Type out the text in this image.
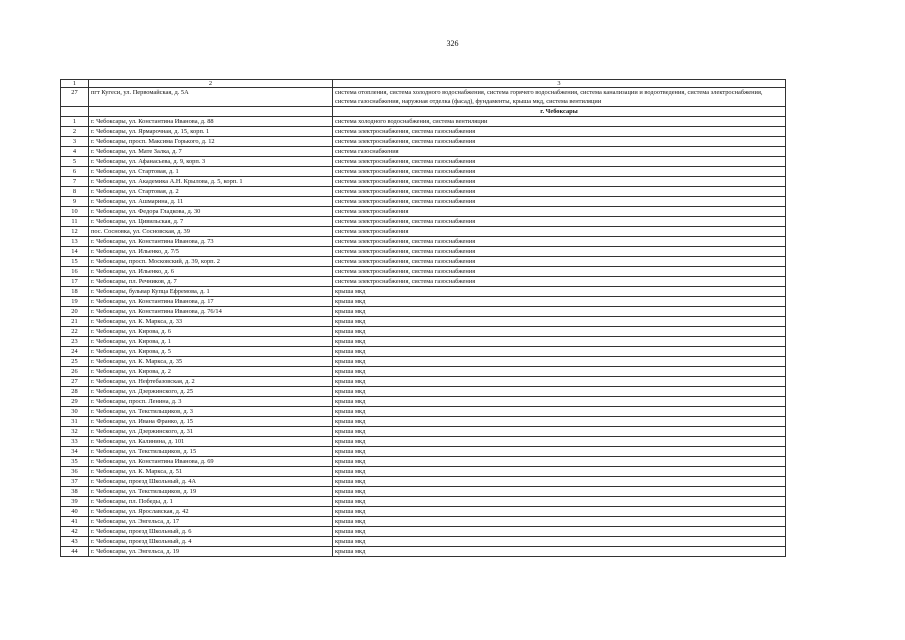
326
1	2	3
27	пгт Кугеси, ул. Первомайская, д. 5А	система отопления, система холодного водоснабжения, система горячего водоснабжения, система канализации и водоотведения, система электроснабжения, система газоснабжения, наружная отделка (фасад), фундаменты, крыша мкд, система вентиляции
		г. Чебоксары
1	г. Чебоксары, ул. Константина Иванова, д. 88	система холодного водоснабжения, система вентиляции
2	г. Чебоксары, ул. Ярмарочная, д. 15, корп. 1	система электроснабжения, система газоснабжения
3	г. Чебоксары, просп. Максима Горького, д. 12	система электроснабжения, система газоснабжения
4	г. Чебоксары, ул. Мате Залка, д. 7	система газоснабжения
5	г. Чебоксары, ул. Афанасьева, д. 9, корп. 3	система электроснабжения, система газоснабжения
6	г. Чебоксары, ул. Стартовая, д. 1	система электроснабжения, система газоснабжения
7	г. Чебоксары, ул. Академика А.Н. Крылова, д. 5, корп. 1	система электроснабжения, система газоснабжения
8	г. Чебоксары, ул. Стартовая, д. 2	система электроснабжения, система газоснабжения
9	г. Чебоксары, ул. Ашмарина, д. 11	система электроснабжения, система газоснабжения
10	г. Чебоксары, ул. Федора Гладкова, д. 30	система электроснабжения
11	г. Чебоксары, ул. Цивильская, д. 7	система электроснабжения, система газоснабжения
12	пос. Сосновка, ул. Сосновская, д. 39	система электроснабжения
13	г. Чебоксары, ул. Константина Иванова, д. 73	система электроснабжения, система газоснабжения
14	г. Чебоксары, ул. Ильенко, д. 7/5	система электроснабжения, система газоснабжения
15	г. Чебоксары, просп. Московский, д. 39, корп. 2	система электроснабжения, система газоснабжения
16	г. Чебоксары, ул. Ильенко, д. 6	система электроснабжения, система газоснабжения
17	г. Чебоксары, пл. Речников, д. 7	система электроснабжения, система газоснабжения
18	г. Чебоксары, бульвар Купца Ефремова, д. 1	крыша мкд
19	г. Чебоксары, ул. Константина Иванова, д. 17	крыша мкд
20	г. Чебоксары, ул. Константина Иванова, д. 76/14	крыша мкд
21	г. Чебоксары, ул. К. Маркса, д. 33	крыша мкд
22	г. Чебоксары, ул. Кирова, д. 6	крыша мкд
23	г. Чебоксары, ул. Кирова, д. 1	крыша мкд
24	г. Чебоксары, ул. Кирова, д. 5	крыша мкд
25	г. Чебоксары, ул. К. Маркса, д. 35	крыша мкд
26	г. Чебоксары, ул. Кирова, д. 2	крыша мкд
27	г. Чебоксары, ул. Нефтебазовская, д. 2	крыша мкд
28	г. Чебоксары, ул. Дзержинского, д. 25	крыша мкд
29	г. Чебоксары, просп. Ленина, д. 3	крыша мкд
30	г. Чебоксары, ул. Текстильщиков, д. 3	крыша мкд
31	г. Чебоксары, ул. Ивана Франко, д. 15	крыша мкд
32	г. Чебоксары, ул. Дзержинского, д. 31	крыша мкд
33	г. Чебоксары, ул. Калинина, д. 101	крыша мкд
34	г. Чебоксары, ул. Текстильщиков, д. 15	крыша мкд
35	г. Чебоксары, ул. Константина Иванова, д. 69	крыша мкд
36	г. Чебоксары, ул. К. Маркса, д. 51	крыша мкд
37	г. Чебоксары, проезд Школьный, д. 4А	крыша мкд
38	г. Чебоксары, ул. Текстильщиков, д. 19	крыша мкд
39	г. Чебоксары, пл. Победы, д. 1	крыша мкд
40	г. Чебоксары, ул. Ярославская, д. 42	крыша мкд
41	г. Чебоксары, ул. Энгельса, д. 17	крыша мкд
42	г. Чебоксары, проезд Школьный, д. 6	крыша мкд
43	г. Чебоксары, проезд Школьный, д. 4	крыша мкд
44	г. Чебоксары, ул. Энгельса, д. 19	крыша мкд
